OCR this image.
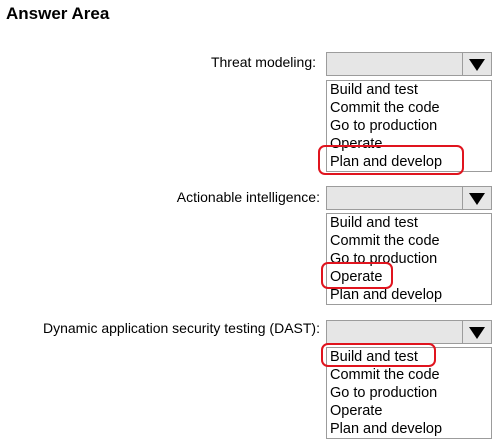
Answer Area
Threat modeling:
Build and test
Commit the code
Go to production
Operate
Plan and develop
Actionable intelligence:
Build and test
Commit the code
Go to production
Operate
Plan and develop
Dynamic application security testing (DAST):
Build and test
Commit the code
Go to production
Operate
Plan and develop
